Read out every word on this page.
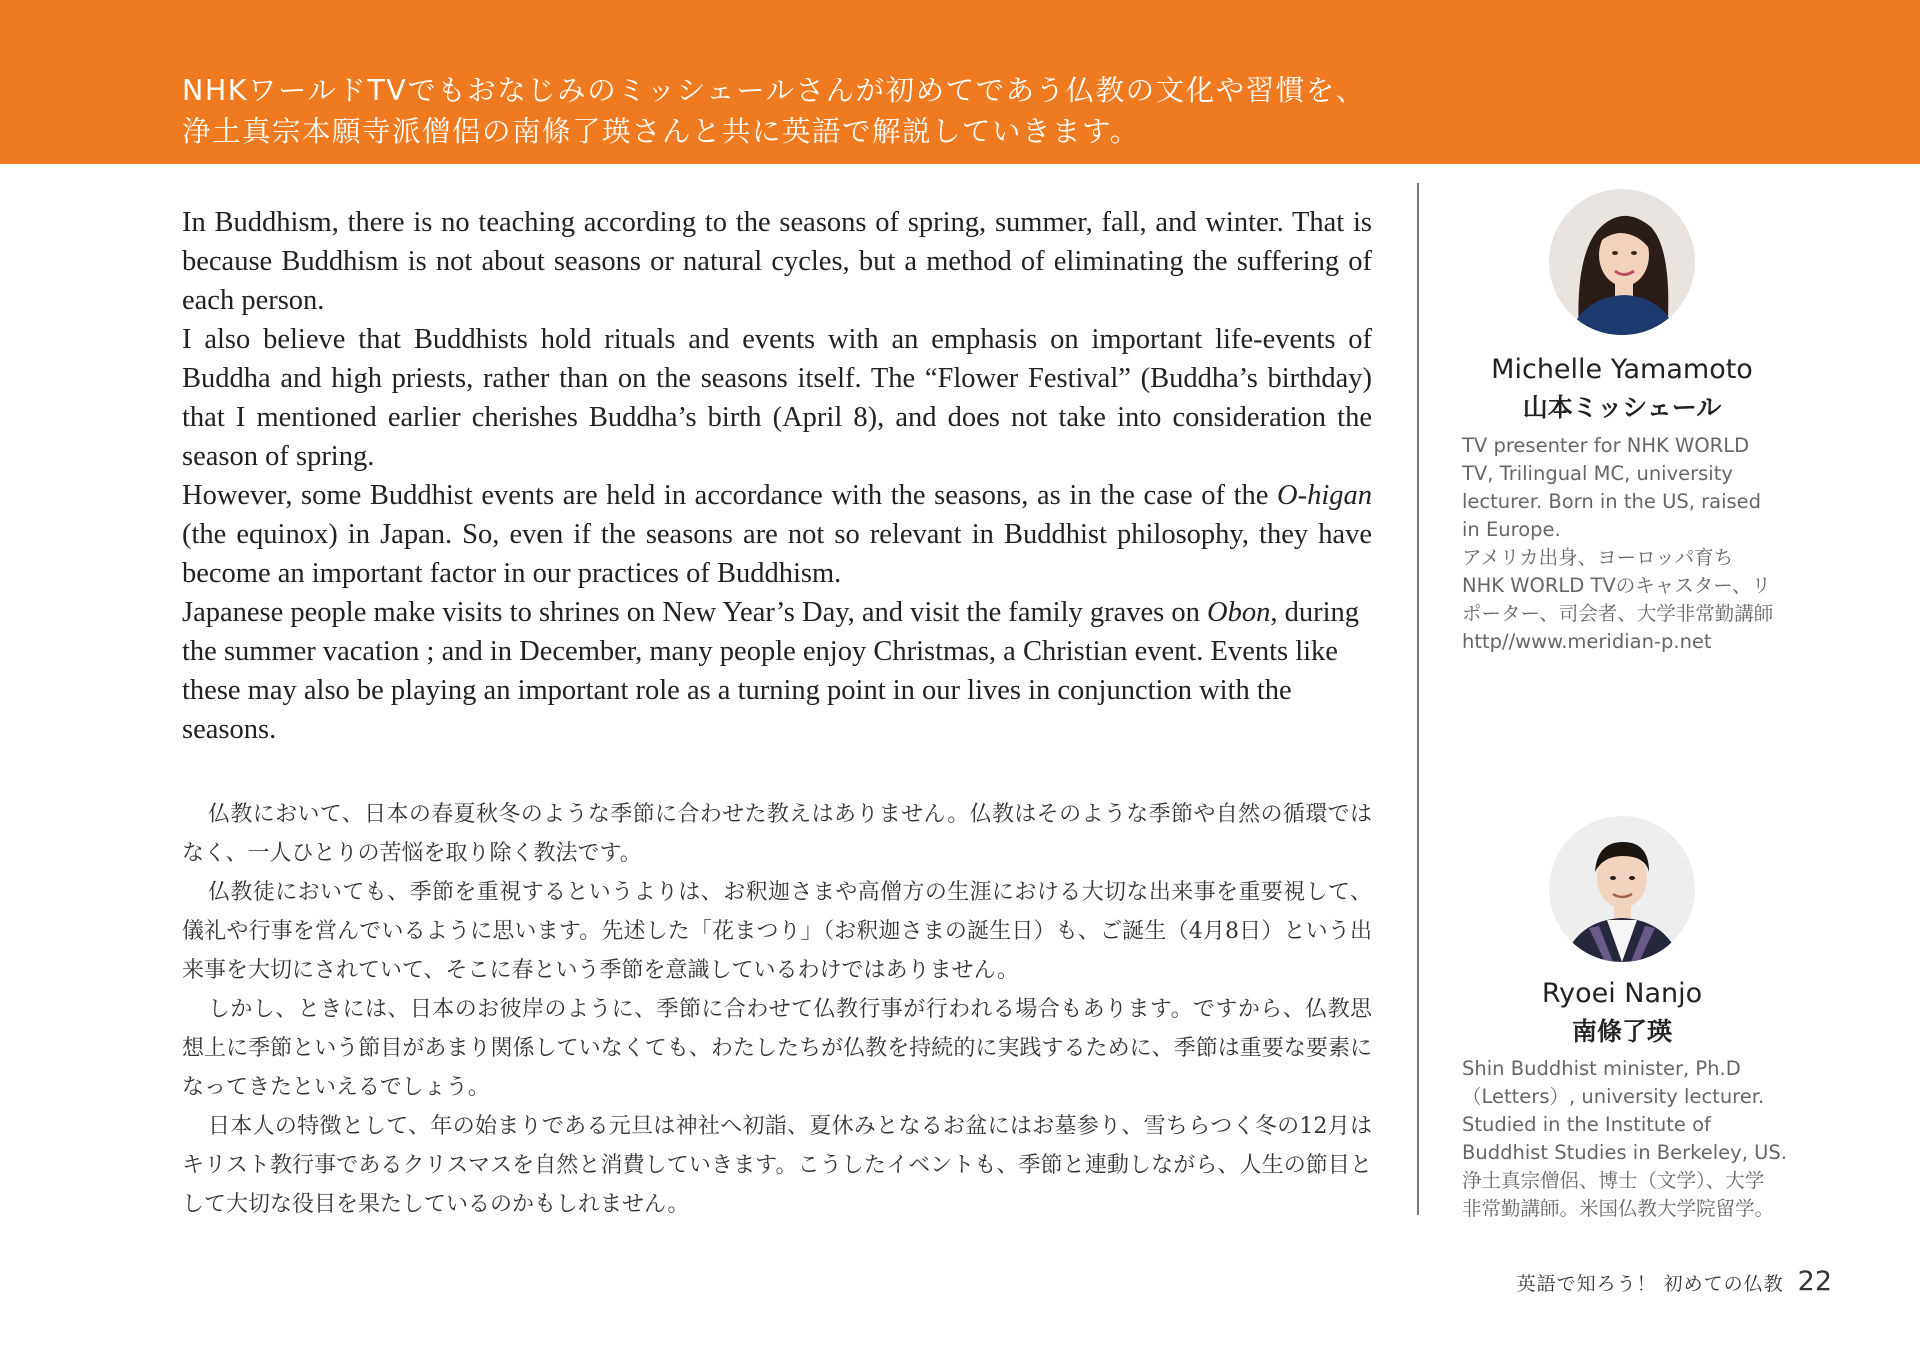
NHKワールドTVでもおなじみのミッシェールさんが初めてであう仏教の文化や習慣を、

浄土真宗本願寺派僧侶の南條了瑛さんと共に英語で解説していきます。

In Buddhism, there is no teaching according to the seasons of spring, summer, fall, and winter. That is because Buddhism is not about seasons or natural cycles, but a method of eliminating the suffering of each person.

I also believe that Buddhists hold rituals and events with an emphasis on important life-events of Buddha and high priests, rather than on the seasons itself. The “Flower Festival” (Buddha’s birthday) that I mentioned earlier cherishes Buddha’s birth (April 8), and does not take into consideration the season of spring.

However, some Buddhist events are held in accordance with the seasons, as in the case of the O-higan (the equinox) in Japan. So, even if the seasons are not so relevant in Buddhist philosophy, they have become an important factor in our practices of Buddhism.

Japanese people make visits to shrines on New Year’s Day, and visit the family graves on Obon, during the summer vacation ; and in December, many people enjoy Christmas, a Christian event. Events like these may also be playing an important role as a turning point in our lives in conjunction with the seasons.

仏教において、日本の春夏秋冬のような季節に合わせた教えはありません。仏教はそのような季節や自然の循環ではなく、一人ひとりの苦悩を取り除く教法です。

仏教徒においても、季節を重視するというよりは、お釈迦さまや高僧方の生涯における大切な出来事を重要視して、儀礼や行事を営んでいるように思います。先述した「花まつり」（お釈迦さまの誕生日）も、ご誕生（4月8日）という出来事を大切にされていて、そこに春という季節を意識しているわけではありません。

しかし、ときには、日本のお彼岸のように、季節に合わせて仏教行事が行われる場合もあります。ですから、仏教思想上に季節という節目があまり関係していなくても、わたしたちが仏教を持続的に実践するために、季節は重要な要素になってきたといえるでしょう。

日本人の特徴として、年の始まりである元旦は神社へ初詣、夏休みとなるお盆にはお墓参り、雪ちらつく冬の12月はキリスト教行事であるクリスマスを自然と消費していきます。こうしたイベントも、季節と連動しながら、人生の節目として大切な役目を果たしているのかもしれません。

Michelle Yamamoto
山本ミッシェール
TV presenter for NHK WORLD
TV, Trilingual MC, university
lecturer. Born in the US, raised
in Europe.
アメリカ出身、ヨーロッパ育ち
NHK WORLD TVのキャスター、リ
ポーター、司会者、大学非常勤講師
http//www.meridian-p.net
Ryoei Nanjo
南條了瑛
Shin Buddhist minister, Ph.D
（Letters）, university lecturer.
Studied in the Institute of
Buddhist Studies in Berkeley, US.
浄土真宗僧侶、博士（文学）、大学
非常勤講師。米国仏教大学院留学。
英語で知ろう！ 初めての仏教 22
